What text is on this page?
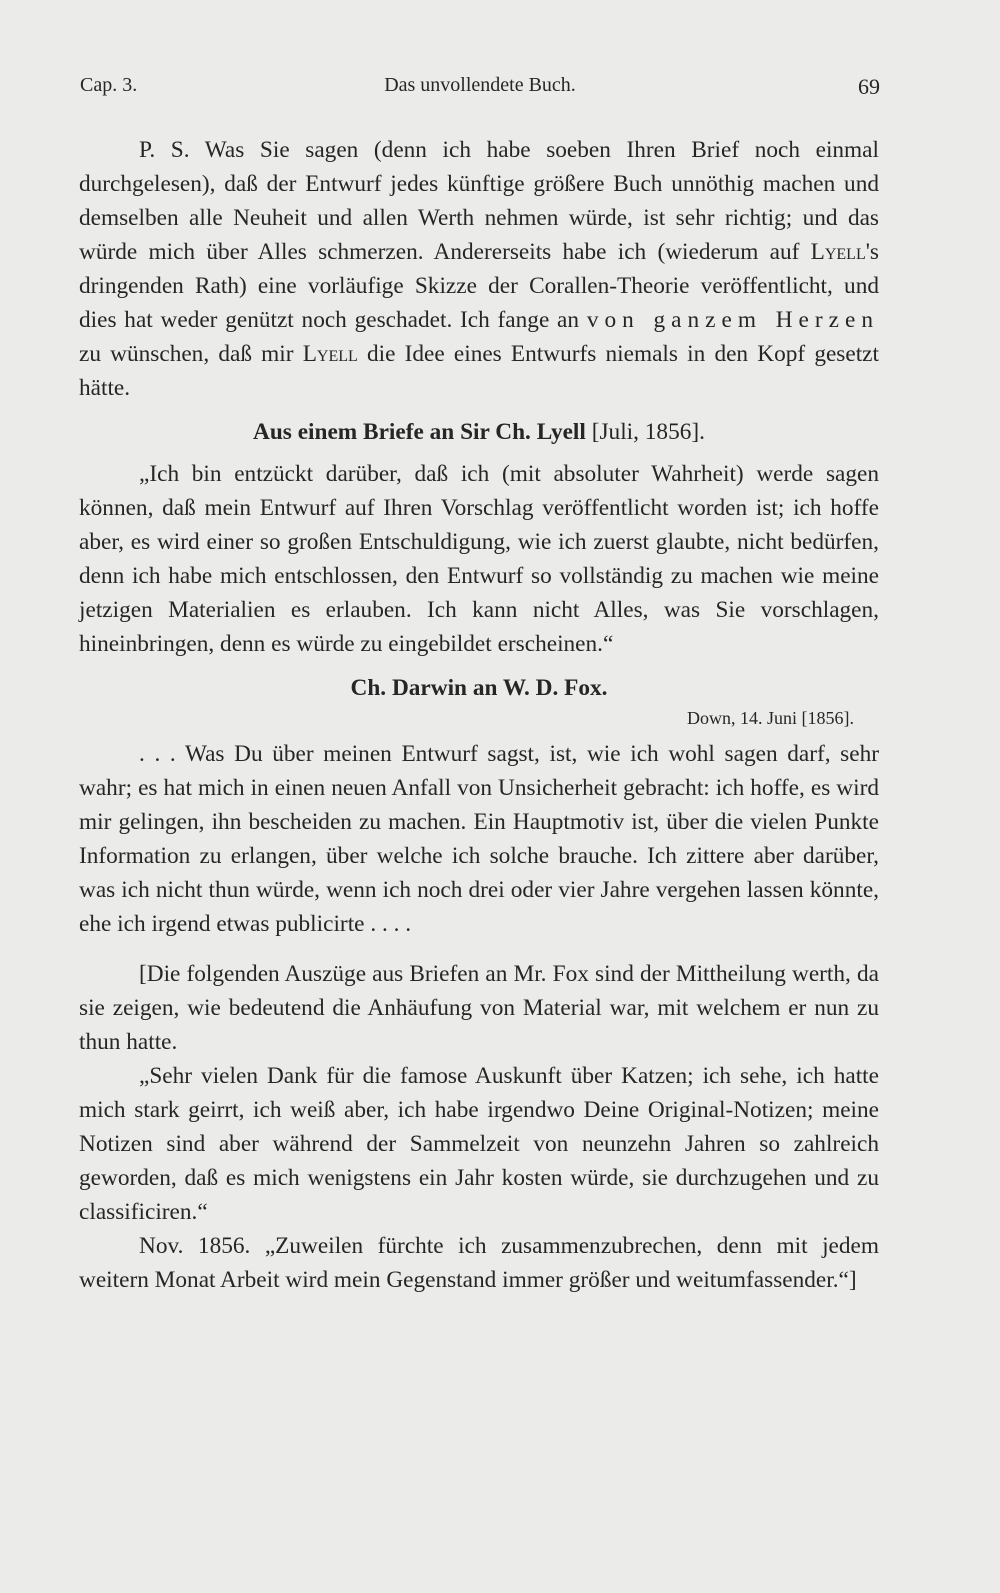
Cap. 3.	Das unvollendete Buch.	69

P. S. Was Sie sagen (denn ich habe soeben Ihren Brief noch einmal durchgelesen), daß der Entwurf jedes künftige größere Buch unnöthig machen und demselben alle Neuheit und allen Werth nehmen würde, ist sehr richtig; und das würde mich über Alles schmerzen. Andererseits habe ich (wiederum auf Lyell's dringenden Rath) eine vorläufige Skizze der Corallen-Theorie veröffentlicht, und dies hat weder genützt noch geschadet. Ich fange an von ganzem Herzen zu wünschen, daß mir Lyell die Idee eines Entwurfs niemals in den Kopf gesetzt hätte.

Aus einem Briefe an Sir Ch. Lyell [Juli, 1856].

„Ich bin entzückt darüber, daß ich (mit absoluter Wahrheit) werde sagen können, daß mein Entwurf auf Ihren Vorschlag veröffentlicht worden ist; ich hoffe aber, es wird einer so großen Entschuldigung, wie ich zuerst glaubte, nicht bedürfen, denn ich habe mich entschlossen, den Entwurf so vollständig zu machen wie meine jetzigen Materialien es erlauben. Ich kann nicht Alles, was Sie vorschlagen, hineinbringen, denn es würde zu eingebildet erscheinen.“

Ch. Darwin an W. D. Fox.
Down, 14. Juni [1856].

. . . Was Du über meinen Entwurf sagst, ist, wie ich wohl sagen darf, sehr wahr; es hat mich in einen neuen Anfall von Unsicherheit gebracht: ich hoffe, es wird mir gelingen, ihn bescheiden zu machen. Ein Hauptmotiv ist, über die vielen Punkte Information zu erlangen, über welche ich solche brauche. Ich zittere aber darüber, was ich nicht thun würde, wenn ich noch drei oder vier Jahre vergehen lassen könnte, ehe ich irgend etwas publicirte . . . .

[Die folgenden Auszüge aus Briefen an Mr. Fox sind der Mittheilung werth, da sie zeigen, wie bedeutend die Anhäufung von Material war, mit welchem er nun zu thun hatte.

„Sehr vielen Dank für die famose Auskunft über Katzen; ich sehe, ich hatte mich stark geirrt, ich weiß aber, ich habe irgendwo Deine Original-Notizen; meine Notizen sind aber während der Sammelzeit von neunzehn Jahren so zahlreich geworden, daß es mich wenigstens ein Jahr kosten würde, sie durchzugehen und zu classificiren.“

Nov. 1856. „Zuweilen fürchte ich zusammenzubrechen, denn mit jedem weitern Monat Arbeit wird mein Gegenstand immer größer und weitumfassender.“]
